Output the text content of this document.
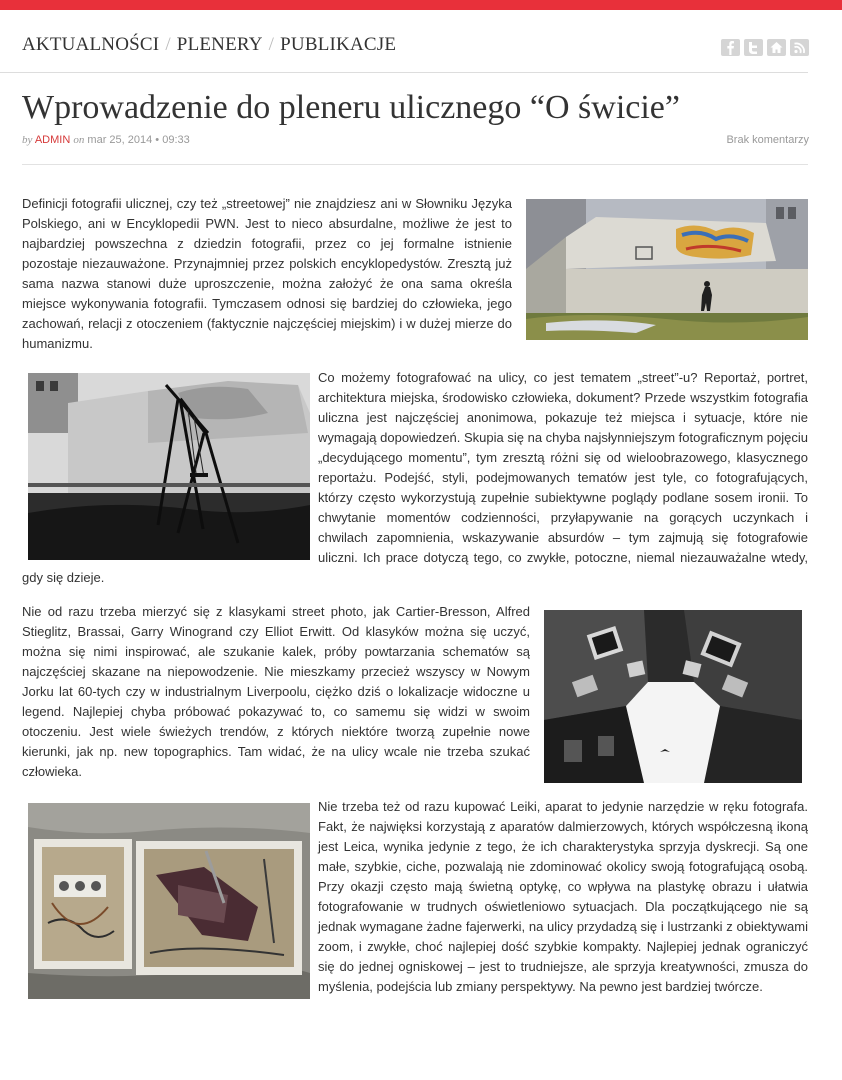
AKTUALNOŚCI / PLENERY / PUBLIKACJE
Wprowadzenie do pleneru ulicznego “O świcie”
by ADMIN on mar 25, 2014 • 09:33	Brak komentarzy

Definicji fotografii ulicznej, czy też „streetowej” nie znajdziesz ani w Słowniku Języka Polskiego, ani w Encyklopedii PWN. Jest to nieco absurdalne, możliwe że jest to najbardziej powszechna z dziedzin fotografii, przez co jej formalne istnienie pozostaje niezauważone. Przynajmniej przez polskich encyklopedystów. Zresztą już sama nazwa stanowi duże uproszczenie, można założyć że ona sama określa miejsce wykonywania fotografii. Tymczasem odnosi się bardziej do człowieka, jego zachowań, relacji z otoczeniem (faktycznie najczęściej miejskim) i w dużej mierze do humanizmu.

Co możemy fotografować na ulicy, co jest tematem „street”-u? Reportaż, portret, architektura miejska, środowisko człowieka, dokument? Przede wszystkim fotografia uliczna jest najczęściej anonimowa, pokazuje też miejsca i sytuacje, które nie wymagają dopowiedzeń. Skupia się na chyba najsłynniejszym fotograficznym pojęciu „decydującego momentu”, tym zresztą różni się od wieloobrazowego, klasycznego reportażu. Podejść, styli, podejmowanych tematów jest tyle, co fotografujących, którzy często wykorzystują zupełnie subiektywne poglądy podlane sosem ironii. To chwytanie momentów codzienności, przyłapywanie na gorących uczynkach i chwilach zapomnienia, wskazywanie absurdów – tym zajmują się fotografowie uliczni. Ich prace dotyczą tego, co zwykłe, potoczne, niemal niezauważalne wtedy, gdy się dzieje.

Nie od razu trzeba mierzyć się z klasykami street photo, jak Cartier-Bresson, Alfred Stieglitz, Brassai, Garry Winogrand czy Elliot Erwitt. Od klasyków można się uczyć, można się nimi inspirować, ale szukanie kalek, próby powtarzania schematów są najczęściej skazane na niepowodzenie. Nie mieszkamy przecież wszyscy w Nowym Jorku lat 60-tych czy w industrialnym Liverpoolu, ciężko dziś o lokalizacje widoczne u legend. Najlepiej chyba próbować pokazywać to, co samemu się widzi w swoim otoczeniu. Jest wiele świeżych trendów, z których niektóre tworzą zupełnie nowe kierunki, jak np. new topographics. Tam widać, że na ulicy wcale nie trzeba szukać człowieka.

Nie trzeba też od razu kupować Leiki, aparat to jedynie narzędzie w ręku fotografa. Fakt, że najwięksi korzystają z aparatów dalmierzowych, których współczesną ikoną jest Leica, wynika jedynie z tego, że ich charakterystyka sprzyja dyskrecji. Są one małe, szybkie, ciche, pozwalają nie zdominować okolicy swoją fotografującą osobą. Przy okazji często mają świetną optykę, co wpływa na plastykę obrazu i ułatwia fotografowanie w trudnych oświetleniowo sytuacjach. Dla początkującego nie są jednak wymagane żadne fajerwerki, na ulicy przydadzą się i lustrzanki z obiektywami zoom, i zwykłe, choć najlepiej dość szybkie kompakty. Najlepiej jednak ograniczyć się do jednej ogniskowej – jest to trudniejsze, ale sprzyja kreatywności, zmusza do myślenia, podejścia lub zmiany perspektywy. Na pewno jest bardziej twórcze.
